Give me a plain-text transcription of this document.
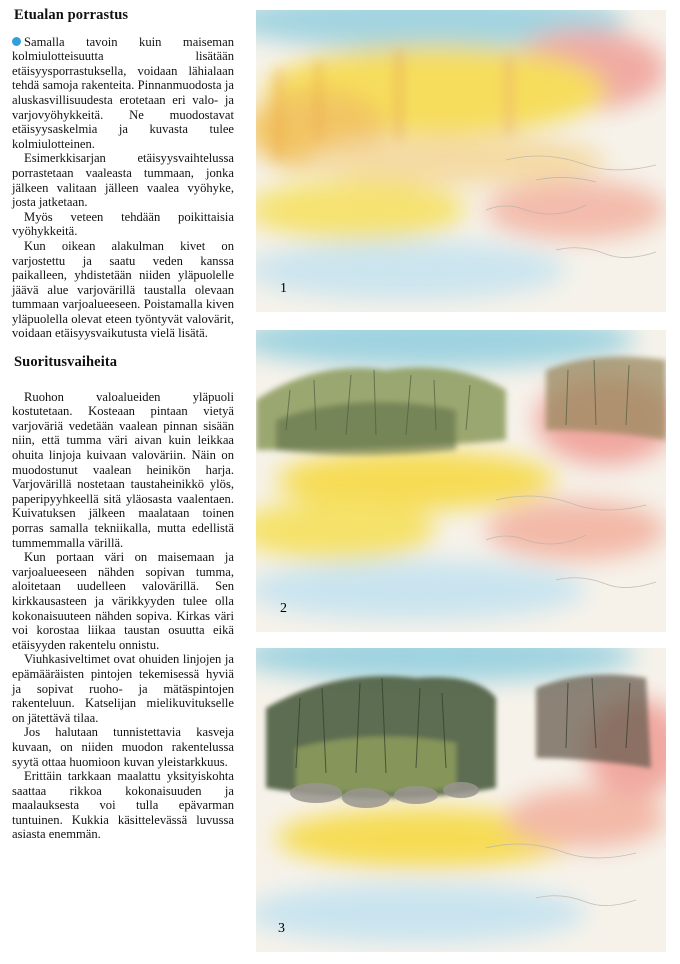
Etualan porrastus

Samalla tavoin kuin maiseman kolmiulotteisuutta lisätään etäisyysporrastuksella, voidaan lähialaan tehdä samoja rakenteita. Pinnanmuodosta ja aluskasvillisuudesta erotetaan eri valo- ja varjovyöhykkeitä. Ne muodostavat etäisyysaskelmia ja kuvasta tulee kolmiulotteinen.

Esimerkkisarjan etäisyysvaihtelussa porrastetaan vaaleasta tummaan, jonka jälkeen valitaan jälleen vaalea vyöhyke, josta jatketaan.

Myös veteen tehdään poikittaisia vyöhykkeitä.

Kun oikean alakulman kivet on varjostettu ja saatu veden kanssa paikalleen, yhdistetään niiden yläpuolelle jäävä alue varjovärillä taustalla olevaan tummaan varjoalueeseen. Poistamalla kiven yläpuolella olevat eteen työntyvät valovärit, voidaan etäisyysvaikutusta vielä lisätä.

Suoritusvaiheita

Ruohon valoalueiden yläpuoli kostutetaan. Kosteaan pintaan vietyä varjoväriä vedetään vaalean pinnan sisään niin, että tumma väri aivan kuin leikkaa ohuita linjoja kuivaan valoväriin. Näin on muodostunut vaalean heinikön harja. Varjovärillä nostetaan taustaheinikkö ylös, paperipyyhkeellä sitä yläosasta vaalentaen. Kuivatuksen jälkeen maalataan toinen porras samalla tekniikalla, mutta edellistä tummemmalla värillä.

Kun portaan väri on maisemaan ja varjoalueeseen nähden sopivan tumma, aloitetaan uudelleen valovärillä. Sen kirkkausasteen ja värikkyyden tulee olla kokonaisuuteen nähden sopiva. Kirkas väri voi korostaa liikaa taustan osuutta eikä etäisyyden rakentelu onnistu.

Viuhkasiveltimet ovat ohuiden linjojen ja epämääräisten pintojen tekemisessä hyviä ja sopivat ruoho- ja mätäspintojen rakenteluun. Katselijan mielikuvitukselle on jätettävä tilaa.

Jos halutaan tunnistettavia kasveja kuvaan, on niiden muodon rakentelussa syytä ottaa huomioon kuvan yleistarkkuus.

Erittäin tarkkaan maalattu yksityiskohta saattaa rikkoa kokonaisuuden ja maalauksesta voi tulla epävarman tuntuinen. Kukkia käsittelevässä luvussa asiasta enemmän.

1
2
3
